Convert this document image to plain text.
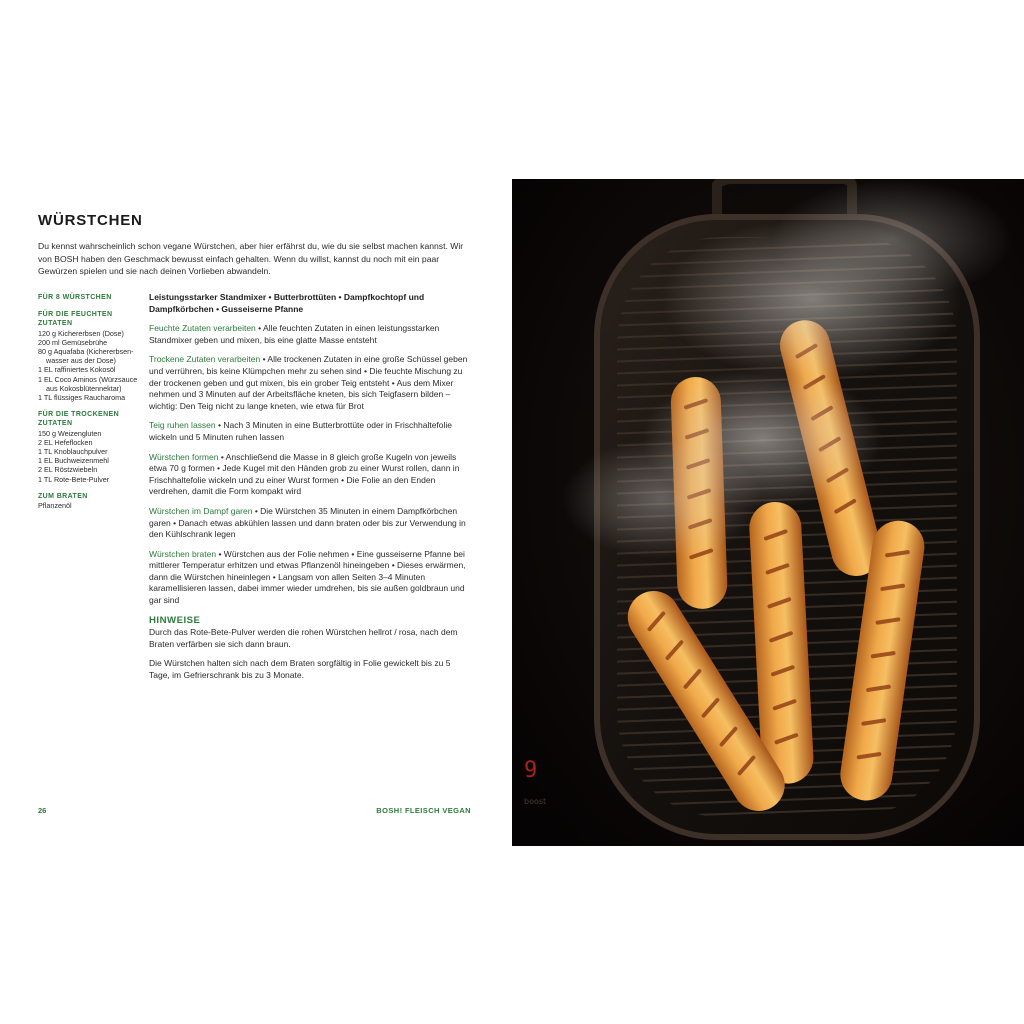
WÜRSTCHEN
Du kennst wahrscheinlich schon vegane Würstchen, aber hier erfährst du, wie du sie selbst machen kannst. Wir von BOSH haben den Geschmack bewusst einfach gehalten. Wenn du willst, kannst du noch mit ein paar Gewürzen spielen und sie nach deinen Vorlieben abwandeln.
FÜR 8 WÜRSTCHEN
FÜR DIE FEUCHTEN ZUTATEN
120 g Kichererbsen (Dose)
200 ml Gemüsebrühe
80 g Aquafaba (Kichererbsen-
wasser aus der Dose)
1 EL raffiniertes Kokosöl
1 EL Coco Aminos (Würzsauce
aus Kokosblütennektar)
1 TL flüssiges Raucharoma
FÜR DIE TROCKENEN ZUTATEN
150 g Weizengluten
2 EL Hefeflocken
1 TL Knoblauchpulver
1 EL Buchweizenmehl
2 EL Röstzwiebeln
1 TL Rote-Bete-Pulver
ZUM BRATEN
Pflanzenöl

Leistungsstarker Standmixer • Butterbrottüten • Dampfkochtopf und Dampfkörbchen • Gusseiserne Pfanne

Feuchte Zutaten verarbeiten • Alle feuchten Zutaten in einen leistungsstarken Standmixer geben und mixen, bis eine glatte Masse entsteht

Trockene Zutaten verarbeiten • Alle trockenen Zutaten in eine große Schüssel geben und verrühren, bis keine Klümpchen mehr zu sehen sind • Die feuchte Mischung zu der trockenen geben und gut mixen, bis ein grober Teig entsteht • Aus dem Mixer nehmen und 3 Minuten auf der Arbeitsfläche kneten, bis sich Teigfasern bilden – wichtig: Den Teig nicht zu lange kneten, wie etwa für Brot

Teig ruhen lassen • Nach 3 Minuten in eine Butterbrottüte oder in Frischhaltefolie wickeln und 5 Minuten ruhen lassen

Würstchen formen • Anschließend die Masse in 8 gleich große Kugeln von jeweils etwa 70 g formen • Jede Kugel mit den Händen grob zu einer Wurst rollen, dann in Frischhaltefolie wickeln und zu einer Wurst formen • Die Folie an den Enden verdrehen, damit die Form kompakt wird

Würstchen im Dampf garen • Die Würstchen 35 Minuten in einem Dampfkörbchen garen • Danach etwas abkühlen lassen und dann braten oder bis zur Verwendung in den Kühlschrank legen

Würstchen braten • Würstchen aus der Folie nehmen • Eine gusseiserne Pfanne bei mittlerer Temperatur erhitzen und etwas Pflanzenöl hineingeben • Dieses erwärmen, dann die Würstchen hineinlegen • Langsam von allen Seiten 3–4 Minuten karamellisieren lassen, dabei immer wieder umdrehen, bis sie außen goldbraun und gar sind

HINWEISE

Durch das Rote-Bete-Pulver werden die rohen Würstchen hellrot / rosa, nach dem Braten verfärben sie sich dann braun.

Die Würstchen halten sich nach dem Braten sorgfältig in Folie gewickelt bis zu 5 Tage, im Gefrierschrank bis zu 3 Monate.

26	BOSH! FLEISCH VEGAN
9
boost
